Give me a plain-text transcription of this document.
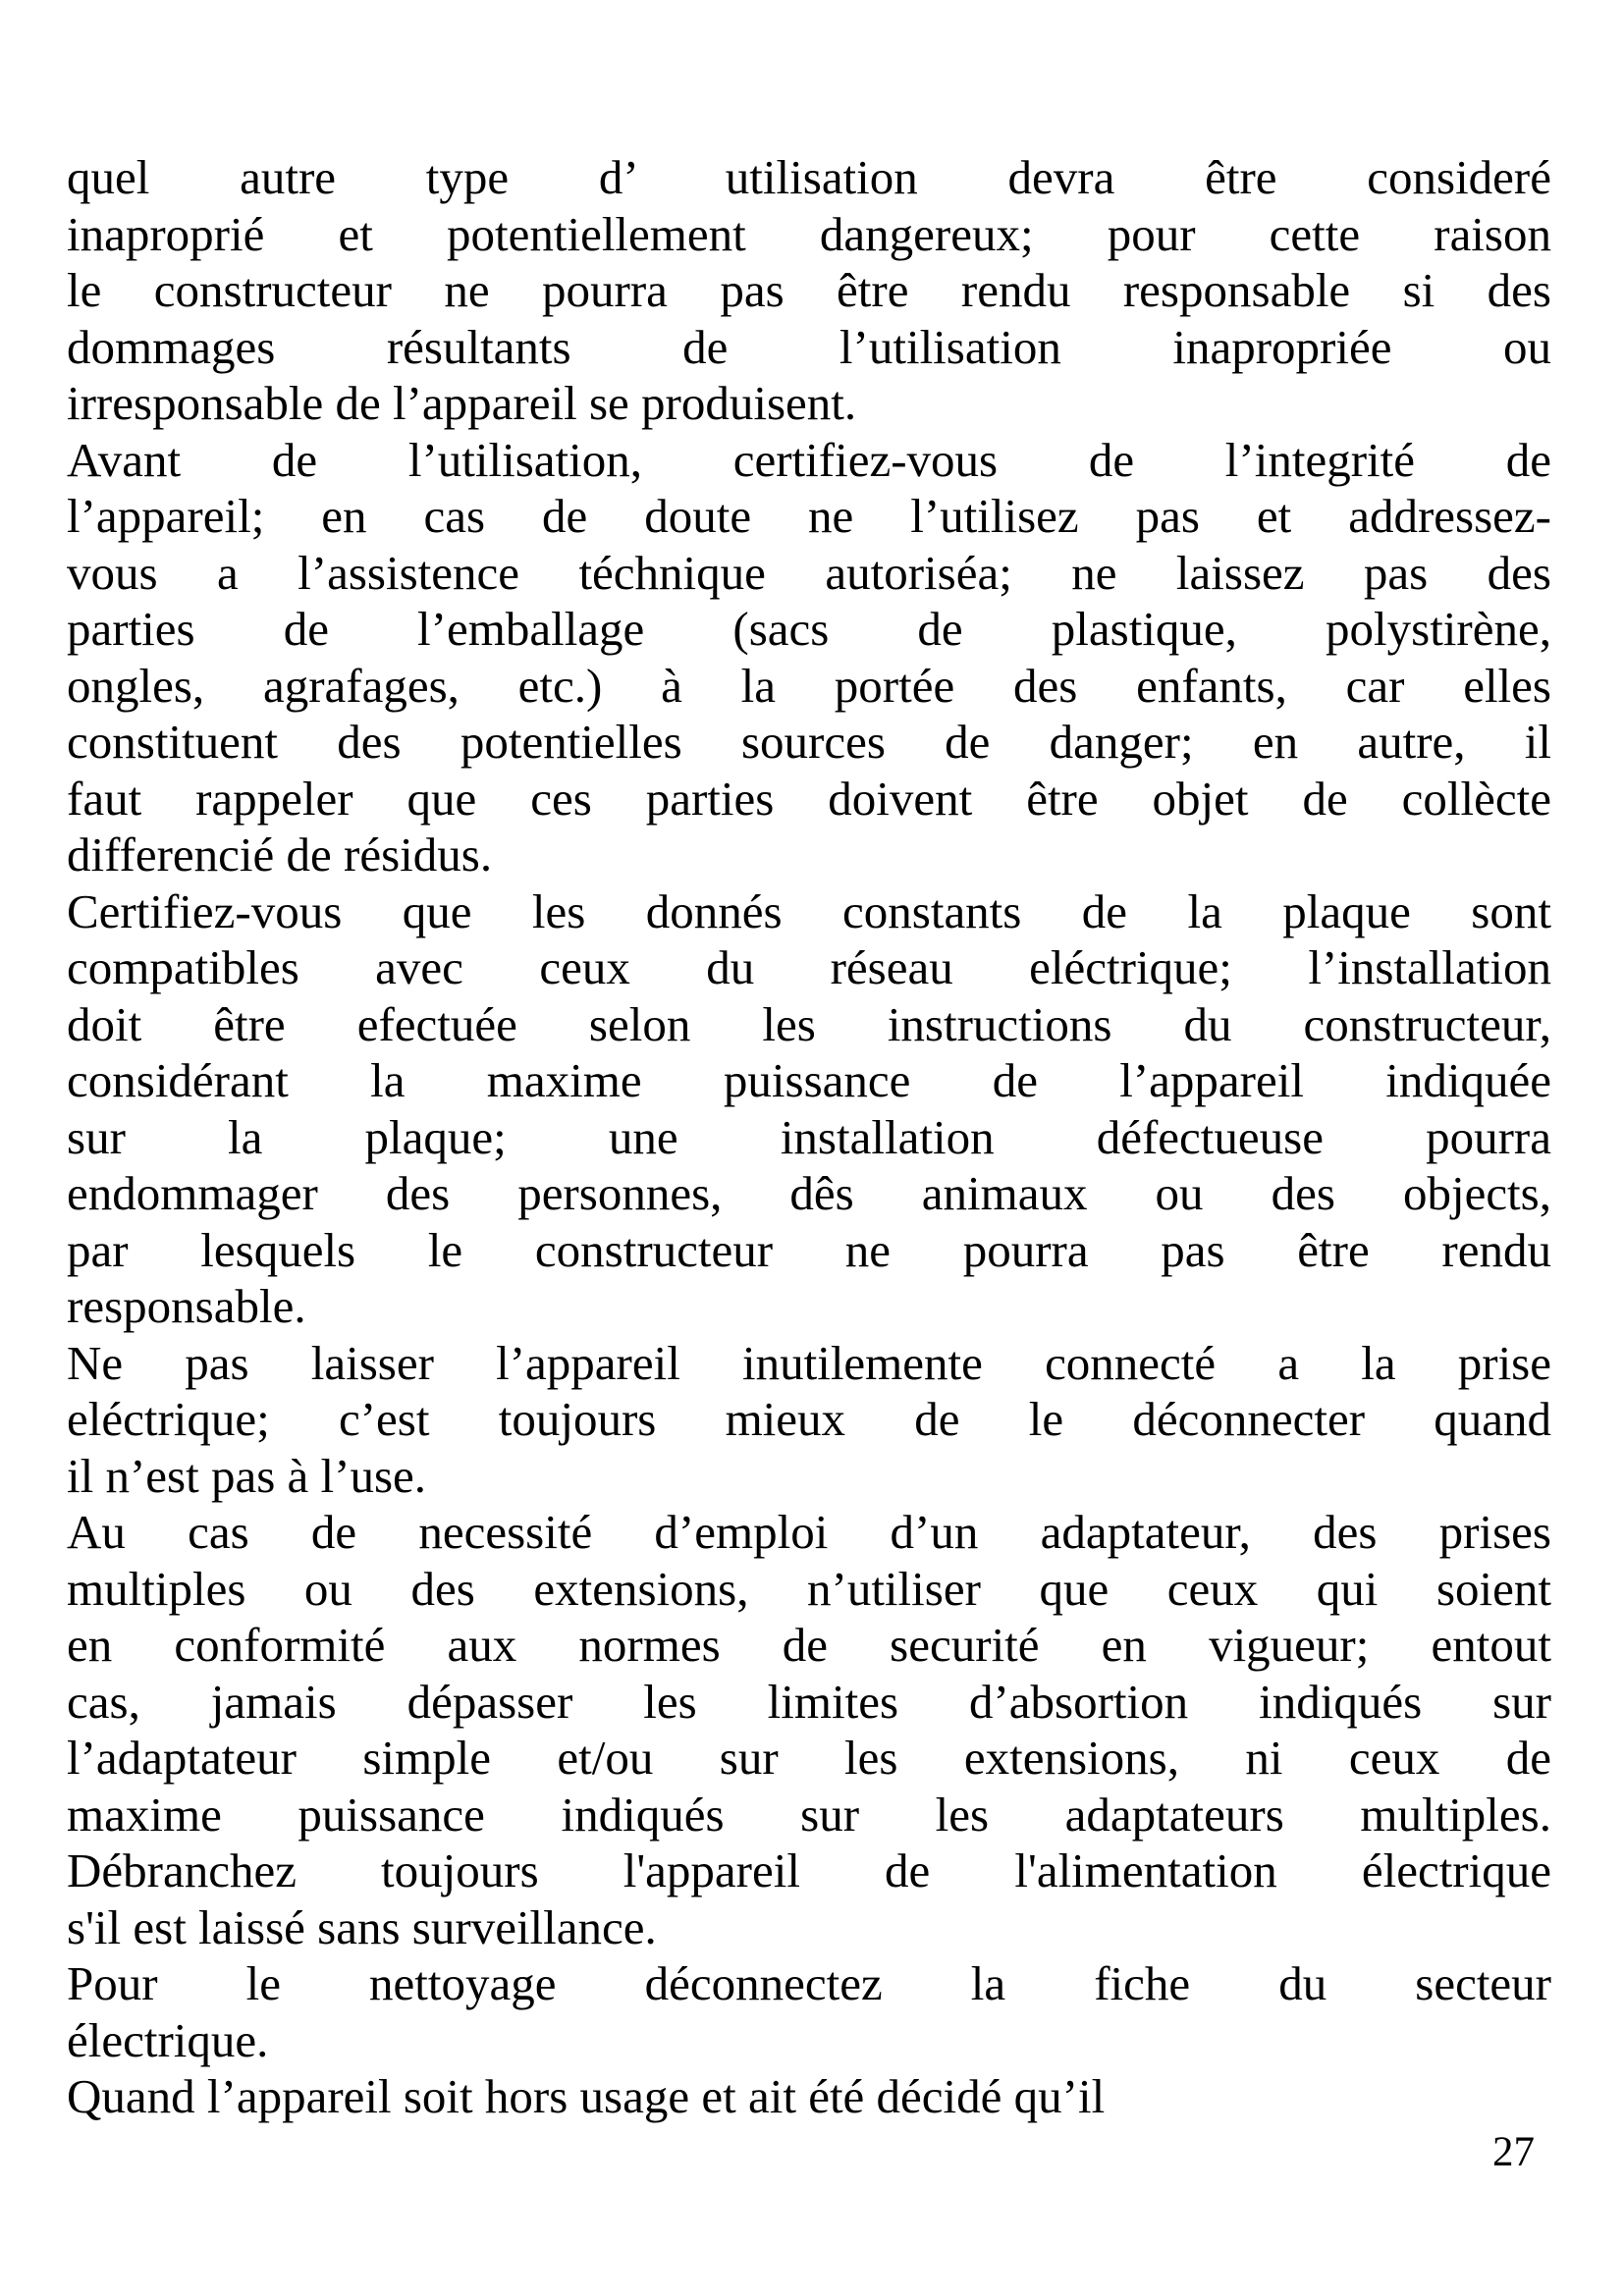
quel autre type d’ utilisation devra être consideré
inaproprié et potentiellement dangereux; pour cette raison
le constructeur ne pourra pas être rendu responsable si des
dommages résultants de l’utilisation inapropriée ou
irresponsable de l’appareil se produisent.
Avant de l’utilisation, certifiez-vous de l’integrité de
l’appareil; en cas de doute ne l’utilisez pas et addressez-
vous a l’assistence téchnique autoriséa; ne laissez pas des
parties de l’emballage (sacs de plastique, polystirène,
ongles, agrafages, etc.) à la portée des enfants, car elles
constituent des potentielles sources de danger; en autre, il
faut rappeler que ces parties doivent être objet de collècte
differencié de résidus.
Certifiez-vous que les donnés constants de la plaque sont
compatibles avec ceux du réseau eléctrique; l’installation
doit être efectuée selon les instructions du constructeur,
considérant la maxime puissance de l’appareil indiquée
sur la plaque; une installation défectueuse pourra
endommager des personnes, dês animaux ou des objects,
par lesquels le constructeur ne pourra pas être rendu
responsable.
Ne pas laisser l’appareil inutilemente connecté a la prise
eléctrique; c’est toujours mieux de le déconnecter quand
il n’est pas à l’use.
Au cas de necessité d’emploi d’un adaptateur, des prises
multiples ou des extensions, n’utiliser que ceux qui soient
en conformité aux normes de securité en vigueur; entout
cas, jamais dépasser les limites d’absortion indiqués sur
l’adaptateur simple et/ou sur les extensions, ni ceux de
maxime puissance indiqués sur les adaptateurs multiples.
Débranchez toujours l'appareil de l'alimentation électrique
s'il est laissé sans surveillance.
Pour le nettoyage déconnectez la fiche du secteur
électrique.
Quand l’appareil soit hors usage et ait été décidé qu’il
27
